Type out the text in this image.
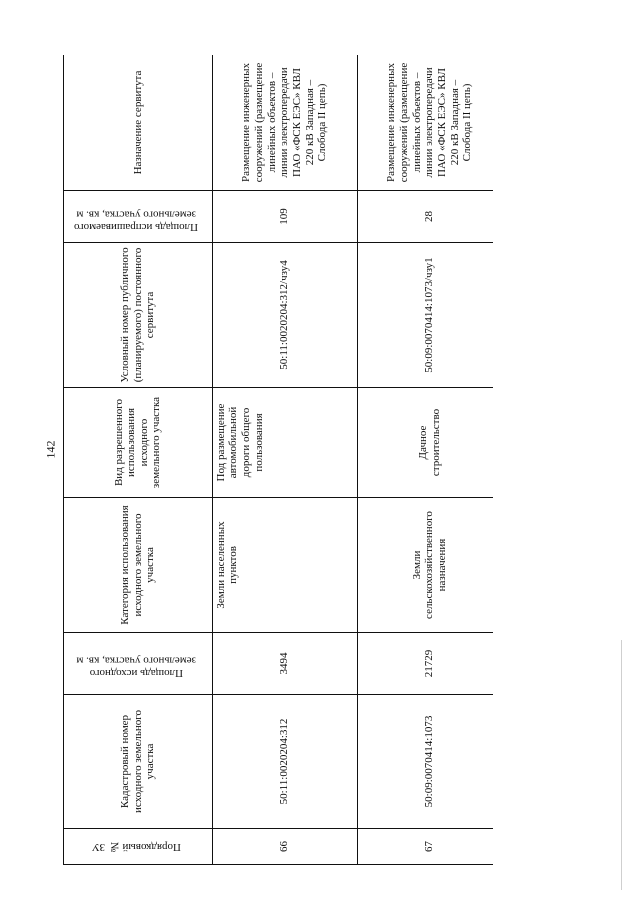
142
Порядковый № ЗУ	Кадастровый номер исходного земельного участка	Площадь исходного земельного участка, кв. м	Категория использования исходного земельного участка	Вид разрешенного использования исходного земельного участка	Условный номер публичного (планируемого) постоянного сервитута	Площадь испрашиваемого земельного участка, кв. м	Назначение сервитута
66	50:11:0020204:312	3494	Земли населенных пунктов	Под размещение автомобильной дороги общего пользования	50:11:0020204:312/чзу4	109	Размещение инженерных сооружений (размещение линейных объектов – линии электропередачи ПАО «ФСК ЕЭС» КВЛ 220 кВ Западная – Слобода II цепь)
67	50:09:0070414:1073	21729	Земли сельскохозяйственного назначения	Дачное строительство	50:09:0070414:1073/чзу1	28	Размещение инженерных сооружений (размещение линейных объектов – линии электропередачи ПАО «ФСК ЕЭС» КВЛ 220 кВ Западная – Слобода II цепь)
